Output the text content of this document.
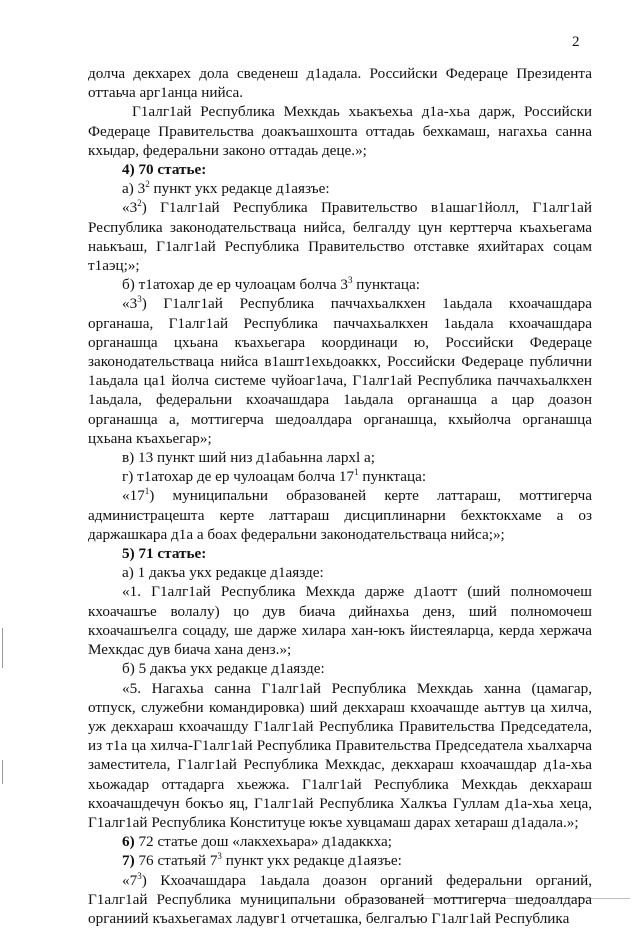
2

долча декхарех дола сведенеш д1адала. Российски Федераце Президента оттаьча арг1анца нийса.

Г1алг1ай Республика Мехкдаь хьакъехьа д1а-хьа дарж, Российски Федераце Правительства доакъашхошта оттадаь бехкамаш, нагахьа санна кхыдар, федеральни законо оттадаь деце.»;

4) 70 статье:

а) $3^2$ пункт укх редакце д1аязъе:

«$3^2$) Г1алг1ай Республика Правительство в1ашаг1йолл, Г1алг1ай Республика законодательстваца нийса, белгалду цун керттерча къахьегама наькъаш, Г1алг1ай Республика Правительство отставке яхийтарах соцам т1аэц;»;

б) т1атохар де ер чулоацам болча $3^3$ пунктаца:

«$3^3$) Г1алг1ай Республика паччахьалкхен 1аьдала кхоачашдара органаша, Г1алг1ай Республика паччахьалкхен 1аьдала кхоачашдара органашца цхьана къахьегара координаци ю, Российски Федераце законодательстваца нийса в1ашт1ехьдоаккх, Российски Федераце публични 1аьдала ца1 йолча системе чуйоаг1ача, Г1алг1ай Республика паччахьалкхен 1аьдала, федеральни кхоачашдара 1аьдала органашца а цар доазон органашца а, моттигерча шедоалдара органашца, кхыйолча органашца цхьана къахьегар»;

в) 13 пункт ший низ д1абаьнна лархl а;

г) т1атохар де ер чулоацам болча $17^1$ пунктаца:

«$17^1$) муниципальни образованей керте латтараш, моттигерча администрацешта керте латтараш дисциплинарни бехктокхаме а оз даржашкара д1а а боах федеральни законодательстваца нийса;»;

5) 71 статье:

а) 1 дакъа укх редакце д1аязде:

«1. Г1алг1ай Республика Мехкда дарже д1аотт (ший полномочеш кхоачашъе волалу) цо дув биача дийнахьа денз, ший полномочеш кхоачашъелга соцаду, ше дарже хилара хан-юкъ йистеяларца, керда хержача Мехкдас дув биача хана денз.»;

б) 5 дакъа укх редакце д1аязде:

«5. Нагахьа санна Г1алг1ай Республика Мехкдаь ханна (цамагар, отпуск, служебни командировка) ший декхараш кхоачашде аьттув ца хилча, уж декхараш кхоачашду Г1алг1ай Республика Правительства Председатела, из т1а ца хилча-Г1алг1ай Республика Правительства Председатела хьалхарча заместитела, Г1алг1ай Республика Мехкдас, декхараш кхоачашдар д1а-хьа хьожадар оттадарга хьежжа. Г1алг1ай Республика Мехкдаь декхараш кхоачашдечун бокъо яц, Г1алг1ай Республика Халкъа Гуллам д1а-хьа хеца, Г1алг1ай Республика Конституце юкъе хувцамаш дарах хетараш д1адала.»;

6) 72 статье дош «лакхехьара» д1адаккха;

7) 76 статьяй $7^3$ пункт укх редакце д1аязъе:

«$7^3$) Кхоачашдара 1аьдала доазон органий федеральни органий, Г1алг1ай Республика муниципальни образованей моттигерча шедоалдара органиий къахьегамах ладувг1 отчеташка, белгалъю Г1алг1ай Республика
